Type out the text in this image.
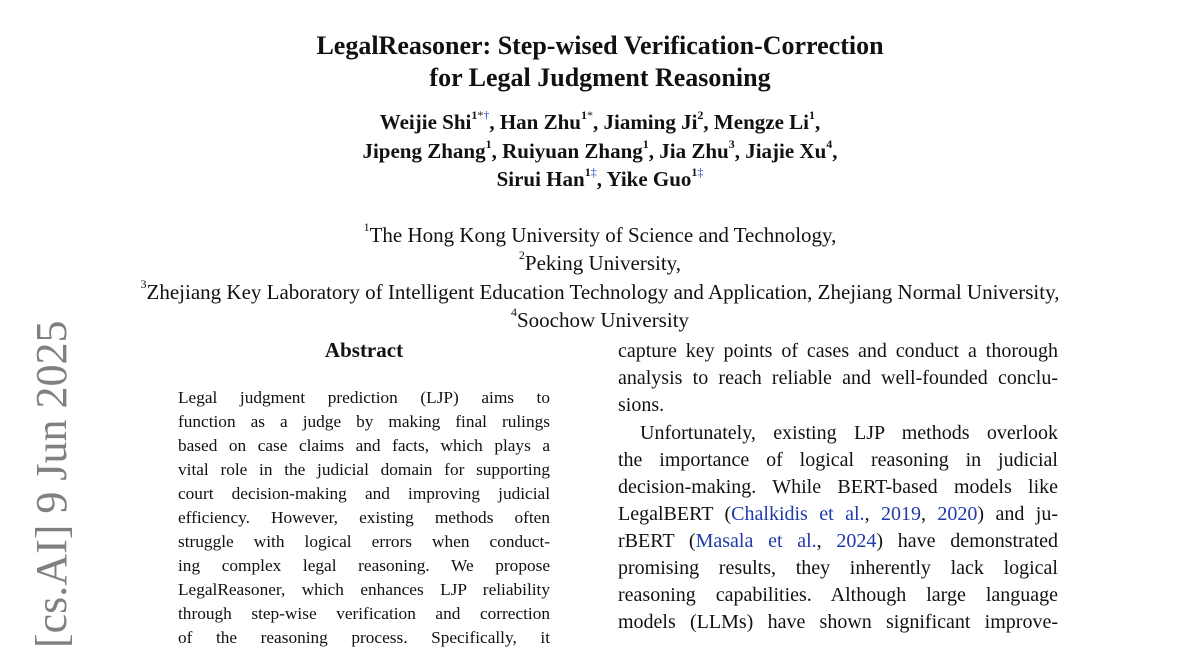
[cs.AI] 9 Jun 2025
LegalReasoner: Step-wised Verification-Correction
for Legal Judgment Reasoning
Weijie Shi$^{1*\dagger}$, Han Zhu$^{1*}$, Jiaming Ji$^2$, Mengze Li$^1$,
Jipeng Zhang$^1$, Ruiyuan Zhang$^1$, Jia Zhu$^3$, Jiajie Xu$^4$,
Sirui Han$^{1\ddagger}$, Yike Guo$^{1\ddagger}$
$^1$The Hong Kong University of Science and Technology,
$^2$Peking University,
$^3$Zhejiang Key Laboratory of Intelligent Education Technology and Application, Zhejiang Normal University,
$^4$Soochow University
Abstract
Legal judgment prediction (LJP) aims to
function as a judge by making final rulings
based on case claims and facts, which plays a
vital role in the judicial domain for supporting
court decision-making and improving judicial
efficiency. However, existing methods often
struggle with logical errors when conduct-
ing complex legal reasoning. We propose
LegalReasoner, which enhances LJP reliability
through step-wise verification and correction
of the reasoning process. Specifically, it
capture key points of cases and conduct a thorough
analysis to reach reliable and well-founded conclu-
sions.
Unfortunately, existing LJP methods overlook
the importance of logical reasoning in judicial
decision-making. While BERT-based models like
LegalBERT (Chalkidis et al., 2019, 2020) and ju-
rBERT (Masala et al., 2024) have demonstrated
promising results, they inherently lack logical
reasoning capabilities. Although large language
models (LLMs) have shown significant improve-
